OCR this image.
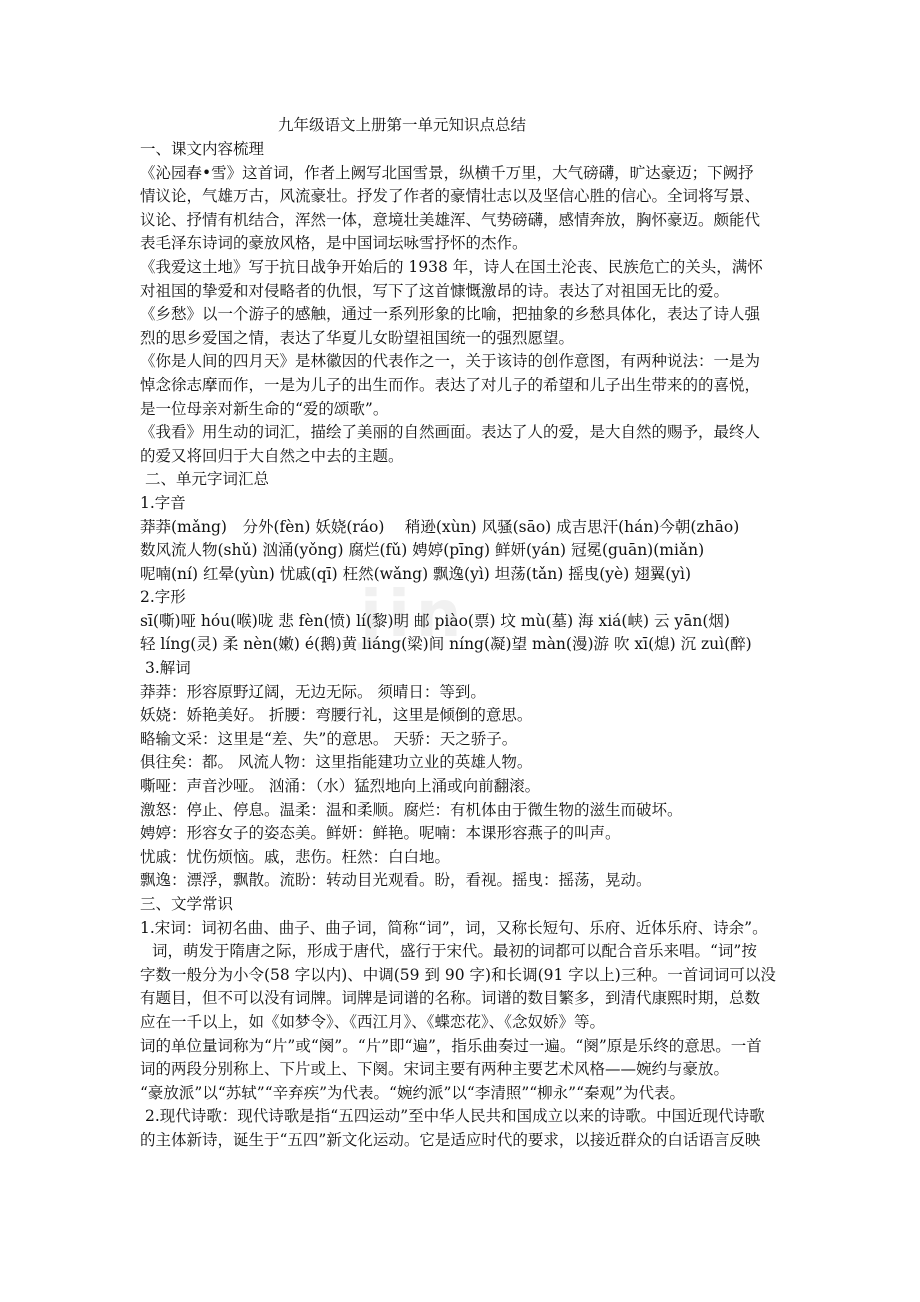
jin
九年级语文上册第一单元知识点总结
一、课文内容梳理
《沁园春•雪》这首词，作者上阙写北国雪景，纵横千万里，大气磅礴，旷达豪迈；下阙抒
情议论，气雄万古，风流豪壮。抒发了作者的豪情壮志以及坚信心胜的信心。全词将写景、
议论、抒情有机结合，浑然一体，意境壮美雄浑、气势磅礴，感情奔放，胸怀豪迈。颇能代
表毛泽东诗词的豪放风格，是中国词坛咏雪抒怀的杰作。
《我爱这土地》写于抗日战争开始后的 1938 年，诗人在国土沦丧、民族危亡的关头，满怀
对祖国的挚爱和对侵略者的仇恨，写下了这首慷慨激昂的诗。表达了对祖国无比的爱。
《乡愁》以一个游子的感触，通过一系列形象的比喻，把抽象的乡愁具体化，表达了诗人强
烈的思乡爱国之情，表达了华夏儿女盼望祖国统一的强烈愿望。
《你是人间的四月天》是林徽因的代表作之一，关于该诗的创作意图，有两种说法：一是为
悼念徐志摩而作，一是为儿子的出生而作。表达了对儿子的希望和儿子出生带来的的喜悦，
是一位母亲对新生命的“爱的颂歌”。
《我看》用生动的词汇，描绘了美丽的自然画面。表达了人的爱，是大自然的赐予，最终人
的爱又将回归于大自然之中去的主题。
二、单元字词汇总
1.字音
莽莽(mǎng)　分外(fèn) 妖娆(ráo)　 稍逊(xùn) 风骚(sāo) 成吉思汗(hán)今朝(zhāo)
数风流人物(shǔ) 汹涌(yǒng) 腐烂(fǔ) 娉婷(pīng) 鲜妍(yán) 冠冕(guān)(miǎn)
呢喃(ní) 红晕(yùn) 忧戚(qī) 枉然(wǎng) 飘逸(yì) 坦荡(tǎn) 摇曳(yè) 翅翼(yì)
2.字形
sī(嘶)哑 hóu(喉)咙 悲 fèn(愤) lí(黎)明 邮 piào(票) 坟 mù(墓) 海 xiá(峡) 云 yān(烟)
轻 líng(灵) 柔 nèn(嫩) é(鹅)黄 liáng(梁)间 níng(凝)望 màn(漫)游 吹 xī(熄) 沉 zuì(醉)
3.解词
莽莽：形容原野辽阔，无边无际。 须晴日：等到。
妖娆：娇艳美好。 折腰：弯腰行礼，这里是倾倒的意思。
略输文采：这里是“差、失”的意思。 天骄：天之骄子。
俱往矣：都。 风流人物：这里指能建功立业的英雄人物。
嘶哑：声音沙哑。 汹涌：（水）猛烈地向上涌或向前翻滚。
激怒：停止、停息。温柔：温和柔顺。腐烂：有机体由于微生物的滋生而破坏。
娉婷：形容女子的姿态美。鲜妍：鲜艳。呢喃：本课形容燕子的叫声。
忧戚：忧伤烦恼。戚，悲伤。枉然：白白地。
飘逸：漂浮，飘散。流盼：转动目光观看。盼，看视。摇曳：摇荡，晃动。
三、文学常识
1.宋词：词初名曲、曲子、曲子词，简称“词”，词，又称长短句、乐府、近体乐府、诗余”。
词，萌发于隋唐之际，形成于唐代，盛行于宋代。最初的词都可以配合音乐来唱。“词”按
字数一般分为小令(58 字以内)、中调(59 到 90 字)和长调(91 字以上)三种。一首词词可以没
有题目，但不可以没有词牌。词牌是词谱的名称。词谱的数目繁多，到清代康熙时期，总数
应在一千以上，如《如梦令》、《西江月》、《蝶恋花》、《念奴娇》等。
词的单位量词称为“片”或“阕”。“片”即“遍”，指乐曲奏过一遍。“阕”原是乐终的意思。一首
词的两段分别称上、下片或上、下阕。宋词主要有两种主要艺术风格——婉约与豪放。
“豪放派”以“苏轼”“辛弃疾”为代表。“婉约派”以“李清照”“柳永”“秦观”为代表。
2.现代诗歌：现代诗歌是指“五四运动”至中华人民共和国成立以来的诗歌。中国近现代诗歌
的主体新诗，诞生于“五四”新文化运动。它是适应时代的要求，以接近群众的白话语言反映
